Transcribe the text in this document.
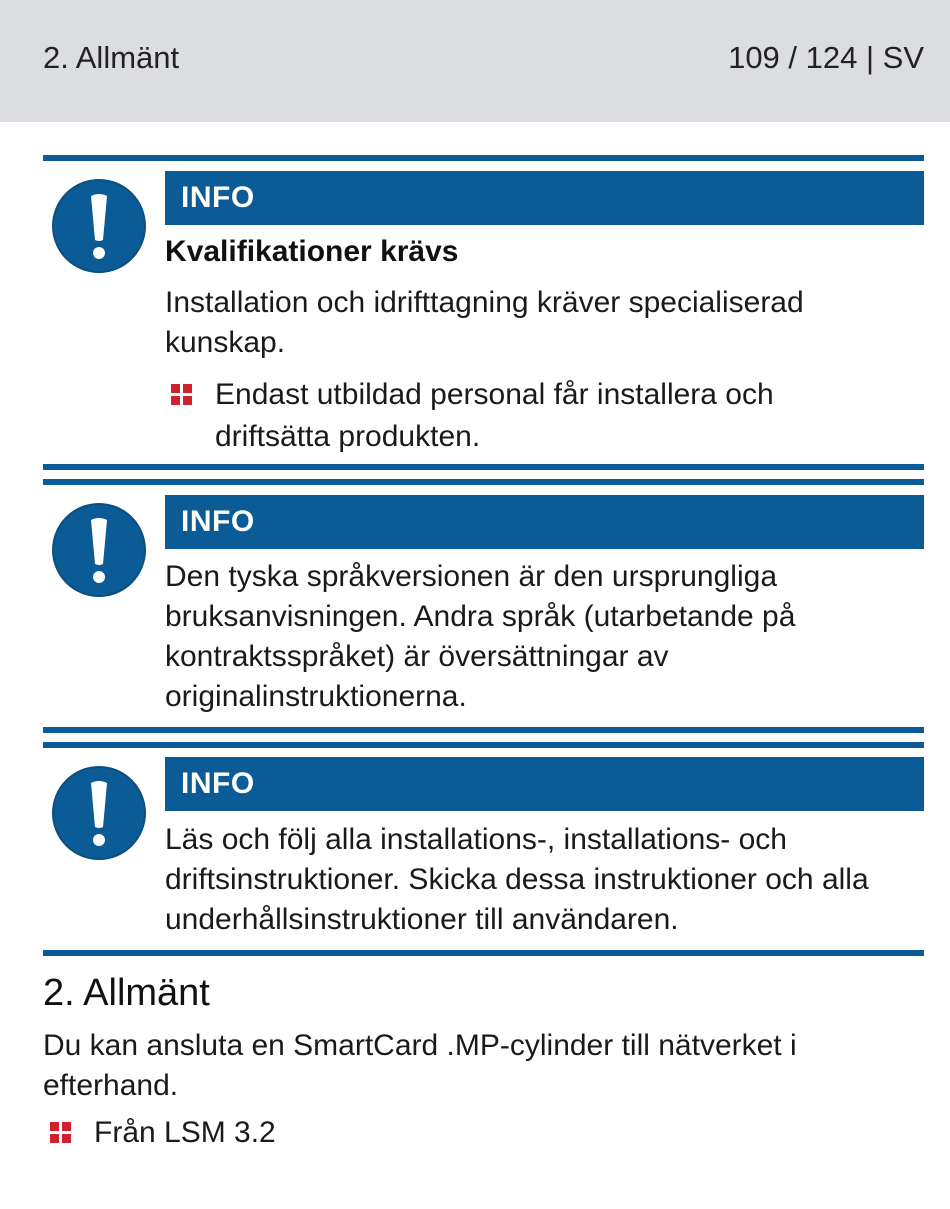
2. Allmänt	109 / 124 | SV
INFO
Kvalifikationer krävs
Installation och idrifttagning kräver specialiserad kunskap.
Endast utbildad personal får installera och driftsätta produkten.
INFO
Den tyska språkversionen är den ursprungliga bruksanvisningen. Andra språk (utarbetande på kontraktsspråket) är översättningar av originalinstruktionerna.
INFO
Läs och följ alla installations-, installations- och driftsinstruktioner. Skicka dessa instruktioner och alla underhållsinstruktioner till användaren.
2. Allmänt
Du kan ansluta en SmartCard .MP-cylinder till nätverket i efterhand.
Från LSM 3.2
